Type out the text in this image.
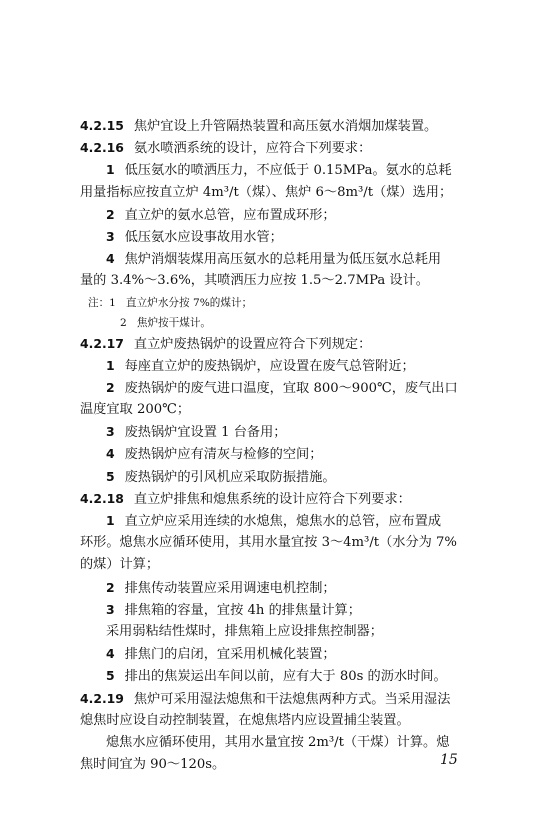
4.2.15 焦炉宜设上升管隔热装置和高压氨水消烟加煤装置。
4.2.16 氨水喷洒系统的设计，应符合下列要求：
1 低压氨水的喷洒压力，不应低于 0.15MPa。氨水的总耗
用量指标应按直立炉 4m³/t（煤）、焦炉 6～8m³/t（煤）选用；
2 直立炉的氨水总管，应布置成环形；
3 低压氨水应设事故用水管；
4 焦炉消烟装煤用高压氨水的总耗用量为低压氨水总耗用
量的 3.4%～3.6%，其喷洒压力应按 1.5～2.7MPa 设计。
注：1 直立炉水分按 7%的煤计；
2 焦炉按干煤计。
4.2.17 直立炉废热锅炉的设置应符合下列规定：
1 每座直立炉的废热锅炉，应设置在废气总管附近；
2 废热锅炉的废气进口温度，宜取 800～900℃，废气出口
温度宜取 200℃；
3 废热锅炉宜设置 1 台备用；
4 废热锅炉应有清灰与检修的空间；
5 废热锅炉的引风机应采取防振措施。
4.2.18 直立炉排焦和熄焦系统的设计应符合下列要求：
1 直立炉应采用连续的水熄焦，熄焦水的总管，应布置成
环形。熄焦水应循环使用，其用水量宜按 3～4m³/t（水分为 7%
的煤）计算；
2 排焦传动装置应采用调速电机控制；
3 排焦箱的容量，宜按 4h 的排焦量计算；
采用弱粘结性煤时，排焦箱上应设排焦控制器；
4 排焦门的启闭，宜采用机械化装置；
5 排出的焦炭运出车间以前，应有大于 80s 的沥水时间。
4.2.19 焦炉可采用湿法熄焦和干法熄焦两种方式。当采用湿法
熄焦时应设自动控制装置，在熄焦塔内应设置捕尘装置。
熄焦水应循环使用，其用水量宜按 2m³/t（干煤）计算。熄
焦时间宜为 90～120s。	15
